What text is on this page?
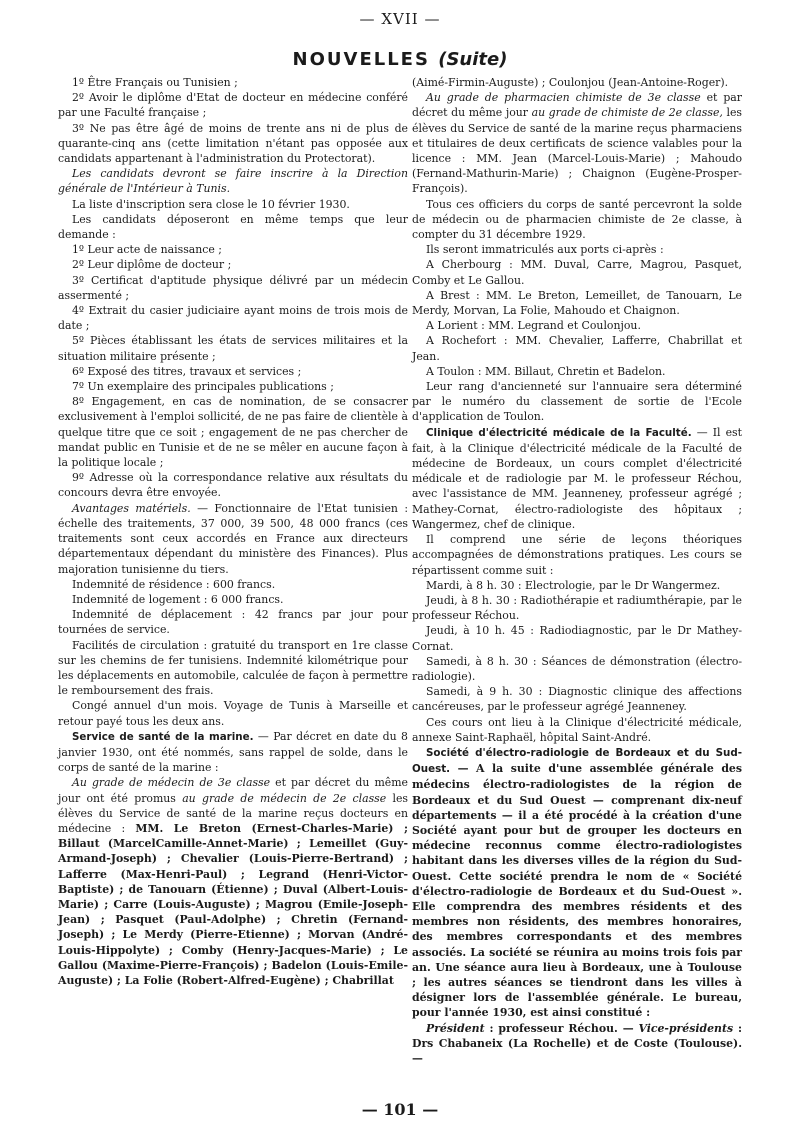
— XVII —
NOUVELLES (Suite)

1º Être Français ou Tunisien ;

2º Avoir le diplôme d'Etat de docteur en médecine conféré par une Faculté française ;

3º Ne pas être âgé de moins de trente ans ni de plus de quarante-cinq ans (cette limitation n'étant pas opposée aux candidats appartenant à l'administration du Protectorat).

Les candidats devront se faire inscrire à la Direction générale de l'Intérieur à Tunis.

La liste d'inscription sera close le 10 février 1930.

Les candidats déposeront en même temps que leur demande :

1º Leur acte de naissance ;

2º Leur diplôme de docteur ;

3º Certificat d'aptitude physique délivré par un médecin assermenté ;

4º Extrait du casier judiciaire ayant moins de trois mois de date ;

5º Pièces établissant les états de services militaires et la situation militaire présente ;

6º Exposé des titres, travaux et services ;

7º Un exemplaire des principales publications ;

8º Engagement, en cas de nomination, de se consacrer exclusivement à l'emploi sollicité, de ne pas faire de clientèle à quelque titre que ce soit ; engagement de ne pas chercher de mandat public en Tunisie et de ne se mêler en aucune façon à la politique locale ;

9º Adresse où la correspondance relative aux résultats du concours devra être envoyée.

Avantages matériels. — Fonctionnaire de l'Etat tunisien : échelle des traitements, 37 000, 39 500, 48 000 francs (ces traitements sont ceux accordés en France aux directeurs départementaux dépendant du ministère des Finances). Plus majoration tunisienne du tiers.

Indemnité de résidence : 600 francs.

Indemnité de logement : 6 000 francs.

Indemnité de déplacement : 42 francs par jour pour tournées de service.

Facilités de circulation : gratuité du transport en 1re classe sur les chemins de fer tunisiens. Indemnité kilométrique pour les déplacements en automobile, calculée de façon à permettre le remboursement des frais.

Congé annuel d'un mois. Voyage de Tunis à Marseille et retour payé tous les deux ans.

Service de santé de la marine. — Par décret en date du 8 janvier 1930, ont été nommés, sans rappel de solde, dans le corps de santé de la marine :

Au grade de médecin de 3e classe et par décret du même jour ont été promus au grade de médecin de 2e classe les élèves du Service de santé de la marine reçus docteurs en médecine : MM. Le Breton (Ernest-Charles-Marie) ; Billaut (MarcelCamille-Annet-Marie) ; Lemeillet (Guy-Armand-Joseph) ; Chevalier (Louis-Pierre-Bertrand) ; Lafferre (Max-Henri-Paul) ; Legrand (Henri-Victor-Baptiste) ; de Tanouarn (Étienne) ; Duval (Albert-Louis-Marie) ; Carre (Louis-Auguste) ; Magrou (Emile-Joseph-Jean) ; Pasquet (Paul-Adolphe) ; Chretin (Fernand-Joseph) ; Le Merdy (Pierre-Etienne) ; Morvan (André-Louis-Hippolyte) ; Comby (Henry-Jacques-Marie) ; Le Gallou (Maxime-Pierre-François) ; Badelon (Louis-Emile-Auguste) ; La Folie (Robert-Alfred-Eugène) ; Chabrillat

(Aimé-Firmin-Auguste) ; Coulonjou (Jean-Antoine-Roger).

Au grade de pharmacien chimiste de 3e classe et par décret du même jour au grade de chimiste de 2e classe, les élèves du Service de santé de la marine reçus pharmaciens et titulaires de deux certificats de science valables pour la licence : MM. Jean (Marcel-Louis-Marie) ; Mahoudo (Fernand-Mathurin-Marie) ; Chaignon (Eugène-Prosper-François).

Tous ces officiers du corps de santé percevront la solde de médecin ou de pharmacien chimiste de 2e classe, à compter du 31 décembre 1929.

Ils seront immatriculés aux ports ci-après :

A Cherbourg : MM. Duval, Carre, Magrou, Pasquet, Comby et Le Gallou.

A Brest : MM. Le Breton, Lemeillet, de Tanouarn, Le Merdy, Morvan, La Folie, Mahoudo et Chaignon.

A Lorient : MM. Legrand et Coulonjou.

A Rochefort : MM. Chevalier, Lafferre, Chabrillat et Jean.

A Toulon : MM. Billaut, Chretin et Badelon.

Leur rang d'ancienneté sur l'annuaire sera déterminé par le numéro du classement de sortie de l'Ecole d'application de Toulon.

Clinique d'électricité médicale de la Faculté. — Il est fait, à la Clinique d'électricité médicale de la Faculté de médecine de Bordeaux, un cours complet d'électricité médicale et de radiologie par M. le professeur Réchou, avec l'assistance de MM. Jeanneney, professeur agrégé ; Mathey-Cornat, électro-radiologiste des hôpitaux ; Wangermez, chef de clinique.

Il comprend une série de leçons théoriques accompagnées de démonstrations pratiques. Les cours se répartissent comme suit :

Mardi, à 8 h. 30 : Electrologie, par le Dr Wangermez.

Jeudi, à 8 h. 30 : Radiothérapie et radiumthérapie, par le professeur Réchou.

Jeudi, à 10 h. 45 : Radiodiagnostic, par le Dr Mathey-Cornat.

Samedi, à 8 h. 30 : Séances de démonstration (électro-radiologie).

Samedi, à 9 h. 30 : Diagnostic clinique des affections cancéreuses, par le professeur agrégé Jeanneney.

Ces cours ont lieu à la Clinique d'électricité médicale, annexe Saint-Raphaël, hôpital Saint-André.

Société d'électro-radiologie de Bordeaux et du Sud-Ouest. — A la suite d'une assemblée générale des médecins électro-radiologistes de la région de Bordeaux et du Sud Ouest — comprenant dix-neuf départements — il a été procédé à la création d'une Société ayant pour but de grouper les docteurs en médecine reconnus comme électro-radiologistes habitant dans les diverses villes de la région du Sud-Ouest. Cette société prendra le nom de « Société d'électro-radiologie de Bordeaux et du Sud-Ouest ». Elle comprendra des membres résidents et des membres non résidents, des membres honoraires, des membres correspondants et des membres associés. La société se réunira au moins trois fois par an. Une séance aura lieu à Bordeaux, une à Toulouse ; les autres séances se tiendront dans les villes à désigner lors de l'assemblée générale. Le bureau, pour l'année 1930, est ainsi constitué :

Président : professeur Réchou. — Vice-présidents : Drs Chabaneix (La Rochelle) et de Coste (Toulouse). —

— 101 —
